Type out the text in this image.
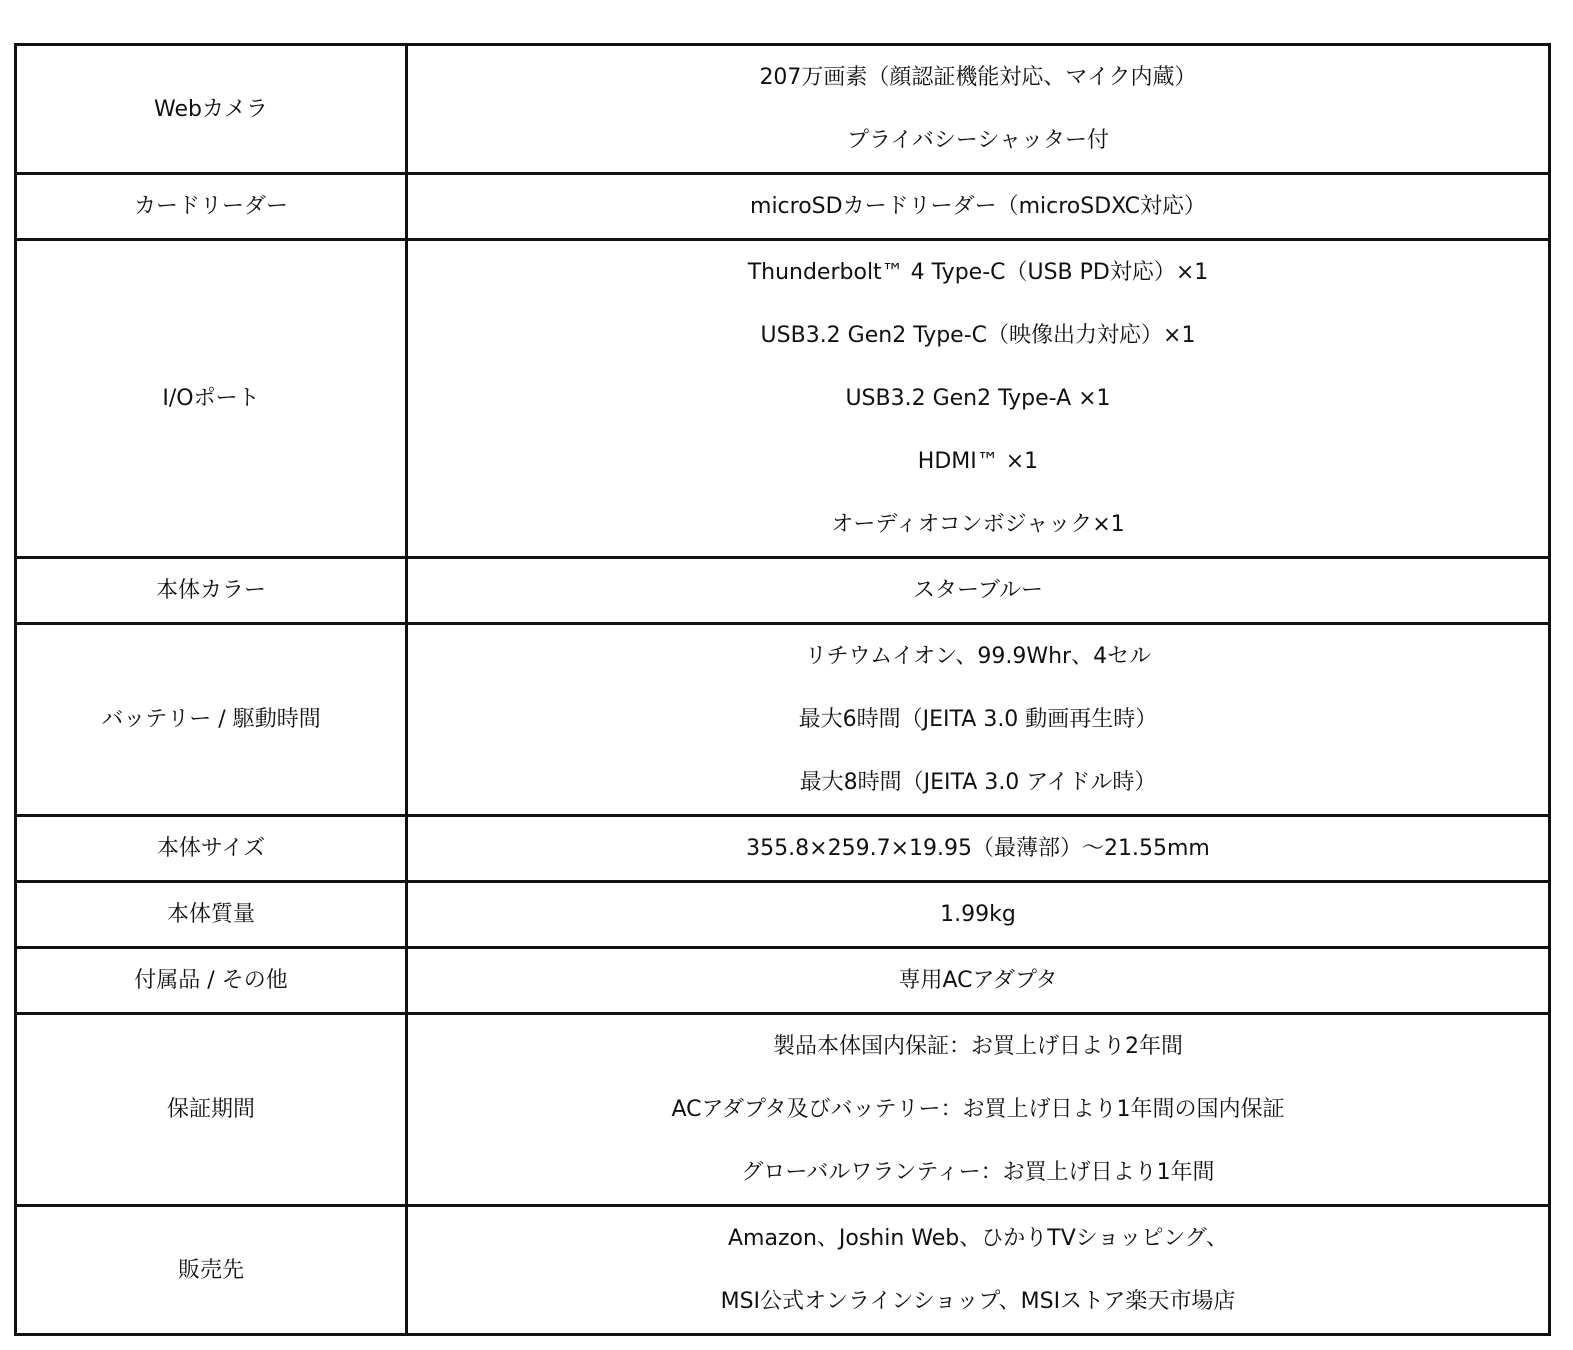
Webカメラ	207万画素（顔認証機能対応、マイク内蔵）
プライバシーシャッター付

カードリーダー	microSDカードリーダー（microSDXC対応）

I/Oポート	Thunderbolt™ 4 Type-C（USB PD対応）×1
USB3.2 Gen2 Type-C（映像出力対応）×1
USB3.2 Gen2 Type-A ×1
HDMI™ ×1
オーディオコンボジャック×1

本体カラー	スターブルー

バッテリー / 駆動時間	リチウムイオン、99.9Whr、4セル
最大6時間（JEITA 3.0 動画再生時）
最大8時間（JEITA 3.0 アイドル時）

本体サイズ	355.8×259.7×19.95（最薄部）～21.55mm

本体質量	1.99kg

付属品 / その他	専用ACアダプタ

保証期間	製品本体国内保証：お買上げ日より2年間
ACアダプタ及びバッテリー：お買上げ日より1年間の国内保証
グローバルワランティー：お買上げ日より1年間

販売先	Amazon、Joshin Web、ひかりTVショッピング、
MSI公式オンラインショップ、MSIストア楽天市場店
